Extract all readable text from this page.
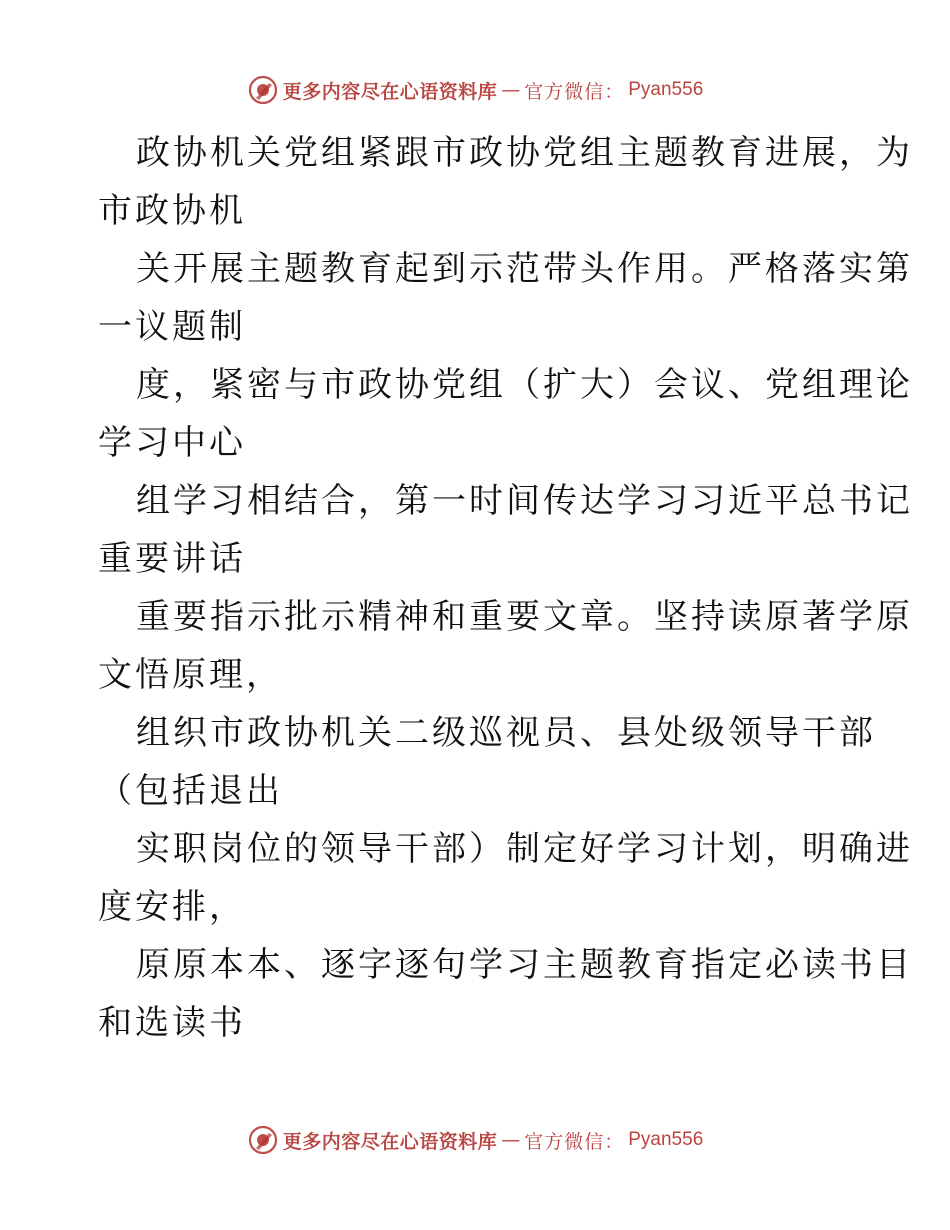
更多内容尽在心语资料库 — 官方微信： Pyan556

政协机关党组紧跟市政协党组主题教育进展，为
市政协机

关开展主题教育起到示范带头作用。严格落实第
一议题制

度，紧密与市政协党组（扩大）会议、党组理论
学习中心

组学习相结合，第一时间传达学习习近平总书记
重要讲话

重要指示批示精神和重要文章。坚持读原著学原
文悟原理，

组织市政协机关二级巡视员、县处级领导干部
（包括退出

实职岗位的领导干部）制定好学习计划，明确进
度安排，

原原本本、逐字逐句学习主题教育指定必读书目
和选读书

更多内容尽在心语资料库 — 官方微信： Pyan556
